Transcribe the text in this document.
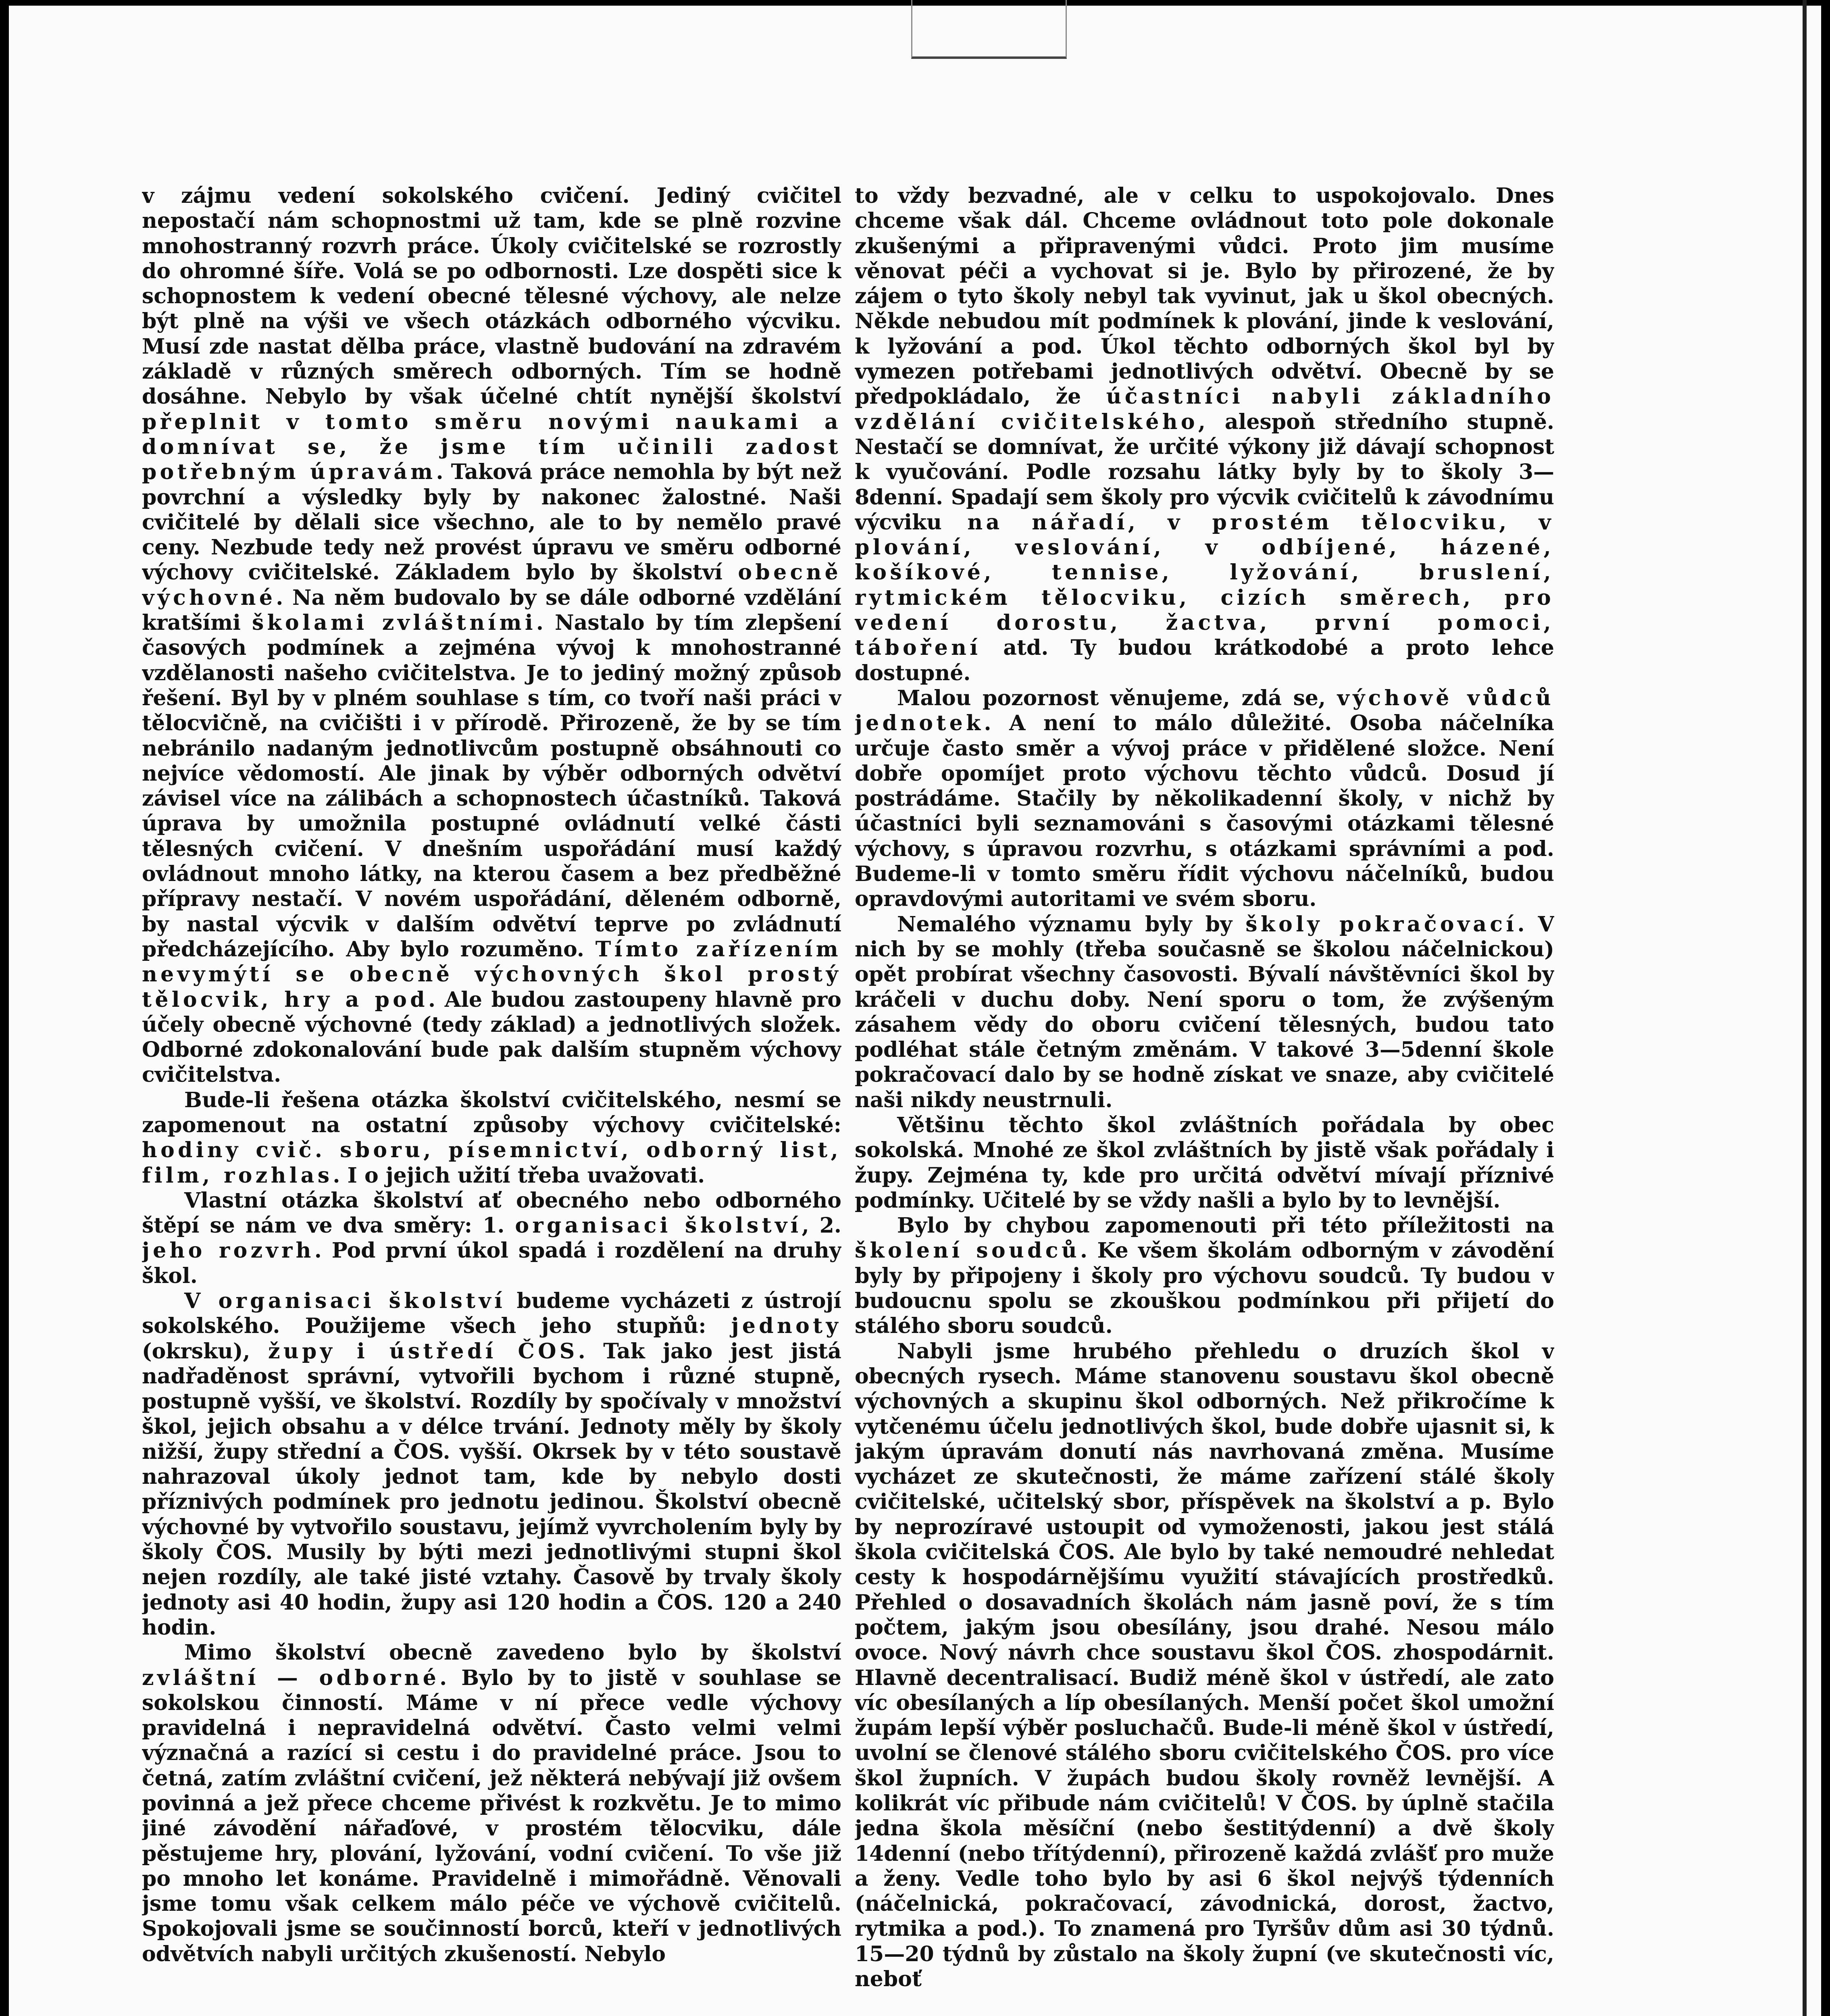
v zájmu vedení sokolského cvičení. Jediný cvičitel nepostačí nám schopnostmi už tam, kde se plně rozvine mnohostranný rozvrh práce. Úkoly cvičitelské se rozrostly do ohromné šíře. Volá se po odbornosti. Lze dospěti sice k schopnostem k vedení obecné tělesné výchovy, ale nelze být plně na výši ve všech otázkách odborného výcviku. Musí zde nastat dělba práce, vlastně budování na zdravém základě v různých směrech odborných. Tím se hodně dosáhne. Nebylo by však účelné chtít nynější školství přeplnit v tomto směru novými naukami a domnívat se, že jsme tím učinili zadost potřebným úpravám. Taková práce nemohla by být než povrchní a výsledky byly by nakonec žalostné. Naši cvičitelé by dělali sice všechno, ale to by nemělo pravé ceny. Nezbude tedy než provést úpravu ve směru odborné výchovy cvičitelské. Základem bylo by školství obecně výchovné. Na něm budovalo by se dále odborné vzdělání kratšími školami zvláštními. Nastalo by tím zlepšení časových podmínek a zejména vývoj k mnohostranné vzdělanosti našeho cvičitelstva. Je to jediný možný způsob řešení. Byl by v plném souhlase s tím, co tvoří naši práci v tělocvičně, na cvičišti i v přírodě. Přirozeně, že by se tím nebránilo nadaným jednotlivcům postupně obsáhnouti co nejvíce vědomostí. Ale jinak by výběr odborných odvětví závisel více na zálibách a schopnostech účastníků. Taková úprava by umožnila postupné ovládnutí velké části tělesných cvičení. V dnešním uspořádání musí každý ovládnout mnoho látky, na kterou časem a bez předběžné přípravy nestačí. V novém uspořádání, děleném odborně, by nastal výcvik v dalším odvětví teprve po zvládnutí předcházejícího. Aby bylo rozuměno. Tímto zařízením nevymýtí se obecně výchovných škol prostý tělocvik, hry a pod. Ale budou zastoupeny hlavně pro účely obecně výchovné (tedy základ) a jednotlivých složek. Odborné zdokonalování bude pak dalším stupněm výchovy cvičitelstva.

Bude-li řešena otázka školství cvičitelského, nesmí se zapomenout na ostatní způsoby výchovy cvičitelské: hodiny cvič. sboru, písemnictví, odborný list, film, rozhlas. I o jejich užití třeba uvažovati.

Vlastní otázka školství ať obecného nebo odborného štěpí se nám ve dva směry: 1. organisaci školství, 2. jeho rozvrh. Pod první úkol spadá i rozdělení na druhy škol.

V organisaci školství budeme vycházeti z ústrojí sokolského. Použijeme všech jeho stupňů: jednoty (okrsku), župy i ústředí ČOS. Tak jako jest jistá nadřaděnost správní, vytvořili bychom i různé stupně, postupně vyšší, ve školství. Rozdíly by spočívaly v množství škol, jejich obsahu a v délce trvání. Jednoty měly by školy nižší, župy střední a ČOS. vyšší. Okrsek by v této soustavě nahrazoval úkoly jednot tam, kde by nebylo dosti příznivých podmínek pro jednotu jedinou. Školství obecně výchovné by vytvořilo soustavu, jejímž vyvrcholením byly by školy ČOS. Musily by býti mezi jednotlivými stupni škol nejen rozdíly, ale také jisté vztahy. Časově by trvaly školy jednoty asi 40 hodin, župy asi 120 hodin a ČOS. 120 a 240 hodin.

Mimo školství obecně zavedeno bylo by školství zvláštní — odborné. Bylo by to jistě v souhlase se sokolskou činností. Máme v ní přece vedle výchovy pravidelná i nepravidelná odvětví. Často velmi velmi význačná a razící si cestu i do pravidelné práce. Jsou to četná, zatím zvláštní cvičení, jež některá nebývají již ovšem povinná a jež přece chceme přivést k rozkvětu. Je to mimo jiné závodění nářaďové, v prostém tělocviku, dále pěstujeme hry, plování, lyžování, vodní cvičení. To vše již po mnoho let konáme. Pravidelně i mimořádně. Věnovali jsme tomu však celkem málo péče ve výchově cvičitelů. Spokojovali jsme se součinností borců, kteří v jednotlivých odvětvích nabyli určitých zkušeností. Nebylo

to vždy bezvadné, ale v celku to uspokojovalo. Dnes chceme však dál. Chceme ovládnout toto pole dokonale zkušenými a připravenými vůdci. Proto jim musíme věnovat péči a vychovat si je. Bylo by přirozené, že by zájem o tyto školy nebyl tak vyvinut, jak u škol obecných. Někde nebudou mít podmínek k plování, jinde k veslování, k lyžování a pod. Úkol těchto odborných škol byl by vymezen potřebami jednotlivých odvětví. Obecně by se předpokládalo, že účastníci nabyli základního vzdělání cvičitelského, alespoň středního stupně. Nestačí se domnívat, že určité výkony již dávají schopnost k vyučování. Podle rozsahu látky byly by to školy 3—8denní. Spadají sem školy pro výcvik cvičitelů k závodnímu výcviku na nářadí, v prostém tělocviku, v plování, veslování, v odbíjené, házené, košíkové, tennise, lyžování, bruslení, rytmickém tělocviku, cizích směrech, pro vedení dorostu, žactva, první pomoci, táboření atd. Ty budou krátkodobé a proto lehce dostupné.

Malou pozornost věnujeme, zdá se, výchově vůdců jednotek. A není to málo důležité. Osoba náčelníka určuje často směr a vývoj práce v přidělené složce. Není dobře opomíjet proto výchovu těchto vůdců. Dosud jí postrádáme. Stačily by několikadenní školy, v nichž by účastníci byli seznamováni s časovými otázkami tělesné výchovy, s úpravou rozvrhu, s otázkami správními a pod. Budeme-li v tomto směru řídit výchovu náčelníků, budou opravdovými autoritami ve svém sboru.

Nemalého významu byly by školy pokračovací. V nich by se mohly (třeba současně se školou náčelnickou) opět probírat všechny časovosti. Bývalí návštěvníci škol by kráčeli v duchu doby. Není sporu o tom, že zvýšeným zásahem vědy do oboru cvičení tělesných, budou tato podléhat stále četným změnám. V takové 3—5denní škole pokračovací dalo by se hodně získat ve snaze, aby cvičitelé naši nikdy neustrnuli.

Většinu těchto škol zvláštních pořádala by obec sokolská. Mnohé ze škol zvláštních by jistě však pořádaly i župy. Zejména ty, kde pro určitá odvětví mívají příznivé podmínky. Učitelé by se vždy našli a bylo by to levnější.

Bylo by chybou zapomenouti při této příležitosti na školení soudců. Ke všem školám odborným v závodění byly by připojeny i školy pro výchovu soudců. Ty budou v budoucnu spolu se zkouškou podmínkou při přijetí do stálého sboru soudců.

Nabyli jsme hrubého přehledu o druzích škol v obecných rysech. Máme stanovenu soustavu škol obecně výchovných a skupinu škol odborných. Než přikročíme k vytčenému účelu jednotlivých škol, bude dobře ujasnit si, k jakým úpravám donutí nás navrhovaná změna. Musíme vycházet ze skutečnosti, že máme zařízení stálé školy cvičitelské, učitelský sbor, příspěvek na školství a p. Bylo by neprozíravé ustoupit od vymoženosti, jakou jest stálá škola cvičitelská ČOS. Ale bylo by také nemoudré nehledat cesty k hospodárnějšímu využití stávajících prostředků. Přehled o dosavadních školách nám jasně poví, že s tím počtem, jakým jsou obesílány, jsou drahé. Nesou málo ovoce. Nový návrh chce soustavu škol ČOS. zhospodárnit. Hlavně decentralisací. Budiž méně škol v ústředí, ale zato víc obesílaných a líp obesílaných. Menší počet škol umožní župám lepší výběr posluchačů. Bude-li méně škol v ústředí, uvolní se členové stálého sboru cvičitelského ČOS. pro více škol župních. V župách budou školy rovněž levnější. A kolikrát víc přibude nám cvičitelů! V ČOS. by úplně stačila jedna škola měsíční (nebo šestitýdenní) a dvě školy 14denní (nebo třítýdenní), přirozeně každá zvlášť pro muže a ženy. Vedle toho bylo by asi 6 škol nejvýš týdenních (náčelnická, pokračovací, závodnická, dorost, žactvo, rytmika a pod.). To znamená pro Tyršův dům asi 30 týdnů. 15—20 týdnů by zůstalo na školy župní (ve skutečnosti víc, neboť
